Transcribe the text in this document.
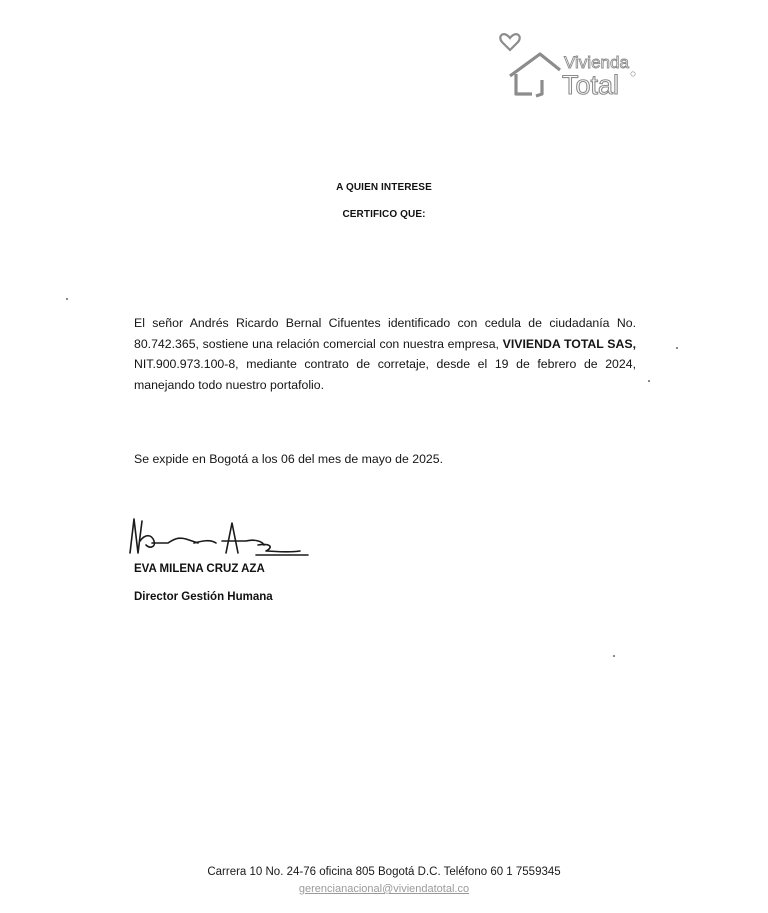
Vivienda
Total
A QUIEN INTERESE
CERTIFICO QUE:
El señor Andrés Ricardo Bernal Cifuentes identificado con cedula de ciudadanía No. 80.742.365, sostiene una relación comercial con nuestra empresa, VIVIENDA TOTAL SAS, NIT.900.973.100-8, mediante contrato de corretaje, desde el 19 de febrero de 2024, manejando todo nuestro portafolio.
Se expide en Bogotá a los 06 del mes de mayo de 2025.
EVA MILENA CRUZ AZA
Director Gestión Humana
Carrera 10 No. 24-76 oficina 805 Bogotá D.C. Teléfono 60 1 7559345
gerencianacional@viviendatotal.co
